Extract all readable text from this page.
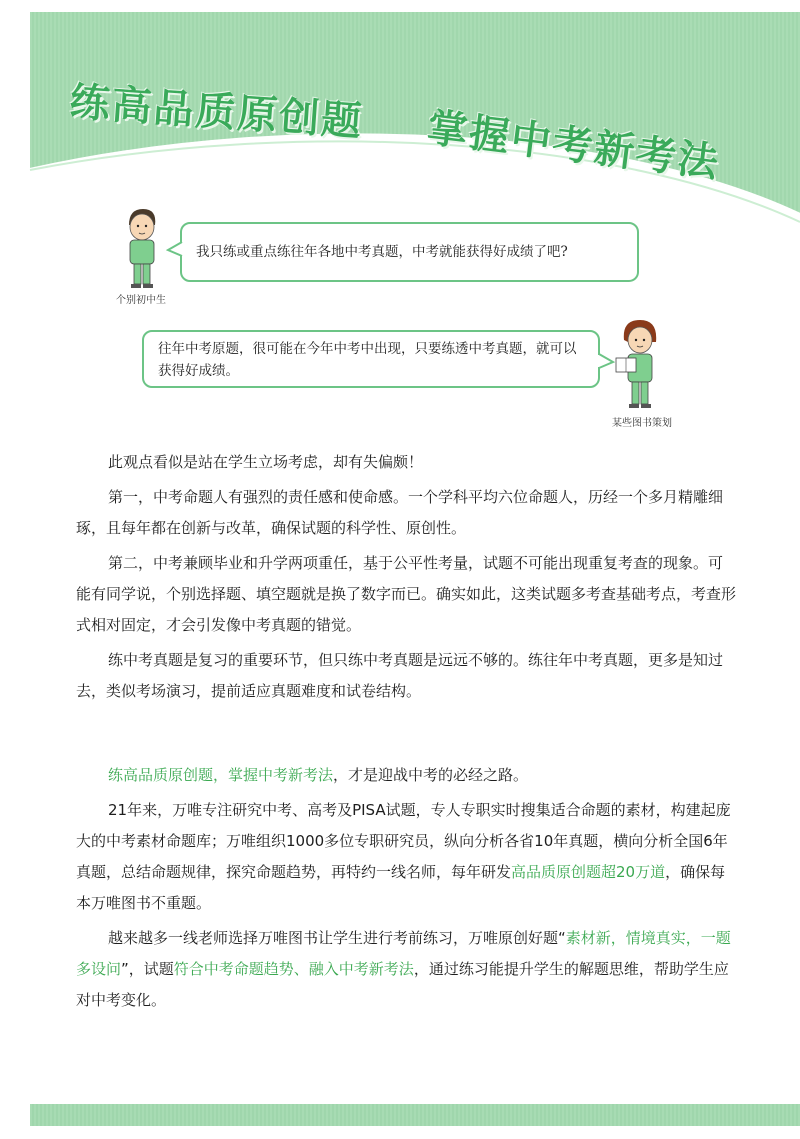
练高品质原创题 掌握中考新考法
个别初中生
我只练或重点练往年各地中考真题，中考就能获得好成绩了吧?
往年中考原题，很可能在今年中考中出现，只要练透中考真题，就可以获得好成绩。
某些图书策划

此观点看似是站在学生立场考虑，却有失偏颇！

第一，中考命题人有强烈的责任感和使命感。一个学科平均六位命题人，历经一个多月精雕细琢，且每年都在创新与改革，确保试题的科学性、原创性。

第二，中考兼顾毕业和升学两项重任，基于公平性考量，试题不可能出现重复考查的现象。可能有同学说，个别选择题、填空题就是换了数字而已。确实如此，这类试题多考查基础考点，考查形式相对固定，才会引发像中考真题的错觉。

练中考真题是复习的重要环节，但只练中考真题是远远不够的。练往年中考真题，更多是知过去，类似考场演习，提前适应真题难度和试卷结构。

练高品质原创题，掌握中考新考法，才是迎战中考的必经之路。

21年来，万唯专注研究中考、高考及PISA试题，专人专职实时搜集适合命题的素材，构建起庞大的中考素材命题库；万唯组织1000多位专职研究员，纵向分析各省10年真题，横向分析全国6年真题，总结命题规律，探究命题趋势，再特约一线名师，每年研发高品质原创题超20万道，确保每本万唯图书不重题。

越来越多一线老师选择万唯图书让学生进行考前练习，万唯原创好题“素材新，情境真实，一题多设问”，试题符合中考命题趋势、融入中考新考法，通过练习能提升学生的解题思维，帮助学生应对中考变化。
